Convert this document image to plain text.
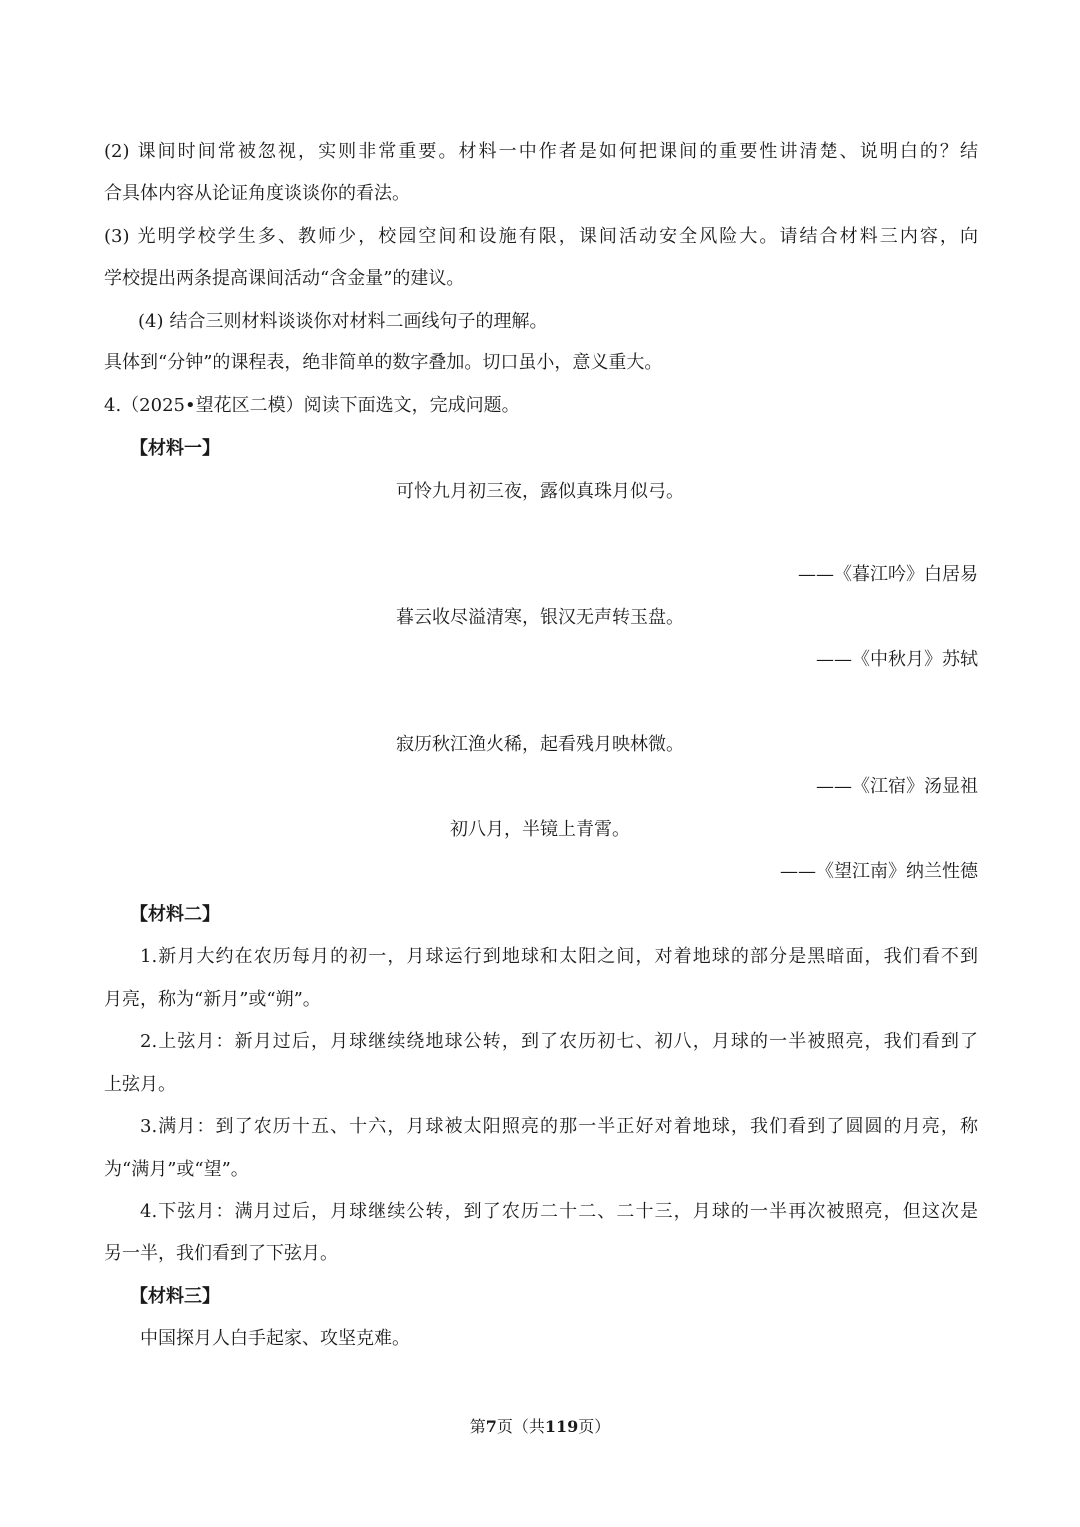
(2) 课间时间常被忽视，实则非常重要。材料一中作者是如何把课间的重要性讲清楚、说明白的？结
合具体内容从论证角度谈谈你的看法。
(3) 光明学校学生多、教师少，校园空间和设施有限，课间活动安全风险大。请结合材料三内容，向
学校提出两条提高课间活动“含金量”的建议。
(4) 结合三则材料谈谈你对材料二画线句子的理解。
具体到“分钟”的课程表，绝非简单的数字叠加。切口虽小，意义重大。
4.（2025•望花区二模）阅读下面选文，完成问题。
【材料一】
可怜九月初三夜，露似真珠月似弓。
——《暮江吟》白居易
暮云收尽溢清寒，银汉无声转玉盘。
——《中秋月》苏轼
寂历秋江渔火稀，起看残月映林微。
——《江宿》汤显祖
初八月，半镜上青霄。
——《望江南》纳兰性德
【材料二】
1.新月大约在农历每月的初一，月球运行到地球和太阳之间，对着地球的部分是黑暗面，我们看不到
月亮，称为“新月”或“朔”。
2.上弦月：新月过后，月球继续绕地球公转，到了农历初七、初八，月球的一半被照亮，我们看到了
上弦月。
3.满月：到了农历十五、十六，月球被太阳照亮的那一半正好对着地球，我们看到了圆圆的月亮，称
为“满月”或“望”。
4.下弦月：满月过后，月球继续公转，到了农历二十二、二十三，月球的一半再次被照亮，但这次是
另一半，我们看到了下弦月。
【材料三】
中国探月人白手起家、攻坚克难。
第7页（共119页）
